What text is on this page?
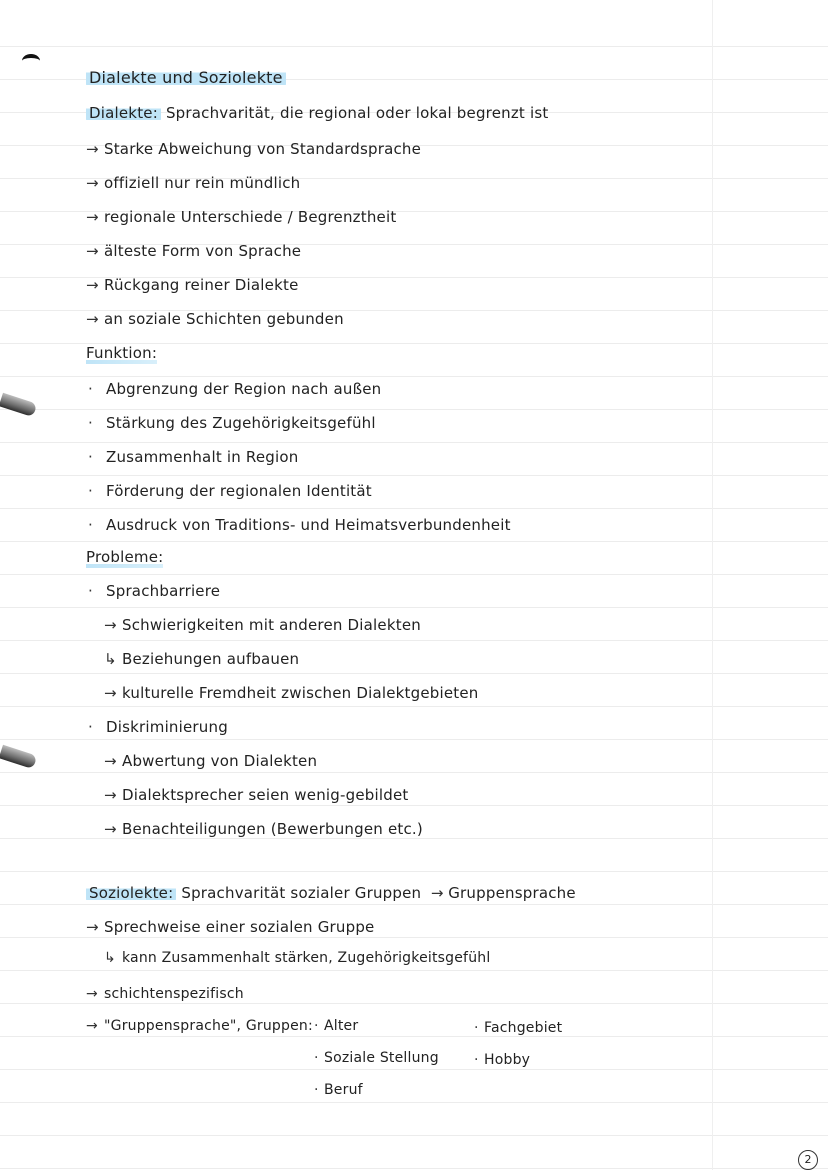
Dialekte und Soziolekte
Dialekte: Sprachvarität, die regional oder lokal begrenzt ist
→ Starke Abweichung von Standardsprache
→ offiziell nur rein mündlich
→ regionale Unterschiede / Begrenztheit
→ älteste Form von Sprache
→ Rückgang reiner Dialekte
→ an soziale Schichten gebunden
Funktion:
· Abgrenzung der Region nach außen
· Stärkung des Zugehörigkeitsgefühl
· Zusammenhalt in Region
· Förderung der regionalen Identität
· Ausdruck von Traditions- und Heimatsverbundenheit
Probleme:
· Sprachbarriere
→ Schwierigkeiten mit anderen Dialekten
↳ Beziehungen aufbauen
→ kulturelle Fremdheit zwischen Dialektgebieten
· Diskriminierung
→ Abwertung von Dialekten
→ Dialektsprecher seien wenig-gebildet
→ Benachteiligungen (Bewerbungen etc.)
Soziolekte: Sprachvarität sozialer Gruppen → Gruppensprache
→ Sprechweise einer sozialen Gruppe
↳ kann Zusammenhalt stärken, Zugehörigkeitsgefühl
→ schichtenspezifisch
→ "Gruppensprache", Gruppen: · Alter
· Soziale Stellung
· Beruf
· Fachgebiet
· Hobby
2
